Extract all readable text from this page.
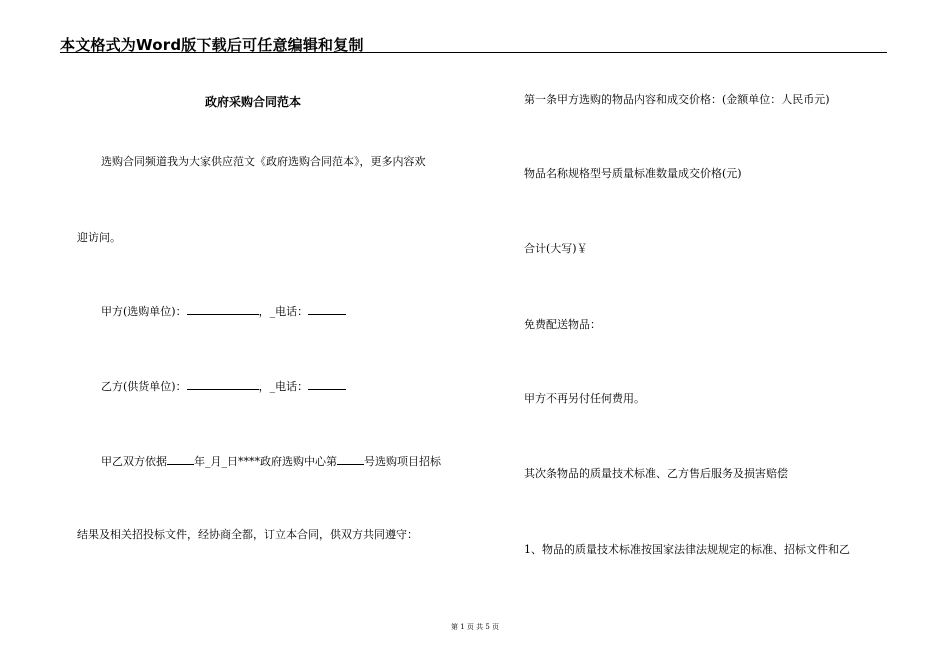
本文格式为Word版下载后可任意编辑和复制
政府采购合同范本
选购合同频道我为大家供应范文《政府选购合同范本》，更多内容欢
迎访问。
甲方(选购单位)：	，_电话：
乙方(供货单位)：	，_电话：
甲乙双方依据 年_月_日****政府选购中心第 号选购项目招标
结果及相关招投标文件，经协商全都，订立本合同，供双方共同遵守：
第一条甲方选购的物品内容和成交价格：(金额单位：人民币元)
物品名称规格型号质量标准数量成交价格(元)
合计(大写)￥
免费配送物品：
甲方不再另付任何费用。
其次条物品的质量技术标准、乙方售后服务及损害赔偿
1、物品的质量技术标准按国家法律法规规定的标准、招标文件和乙
第 1 页 共 5 页
